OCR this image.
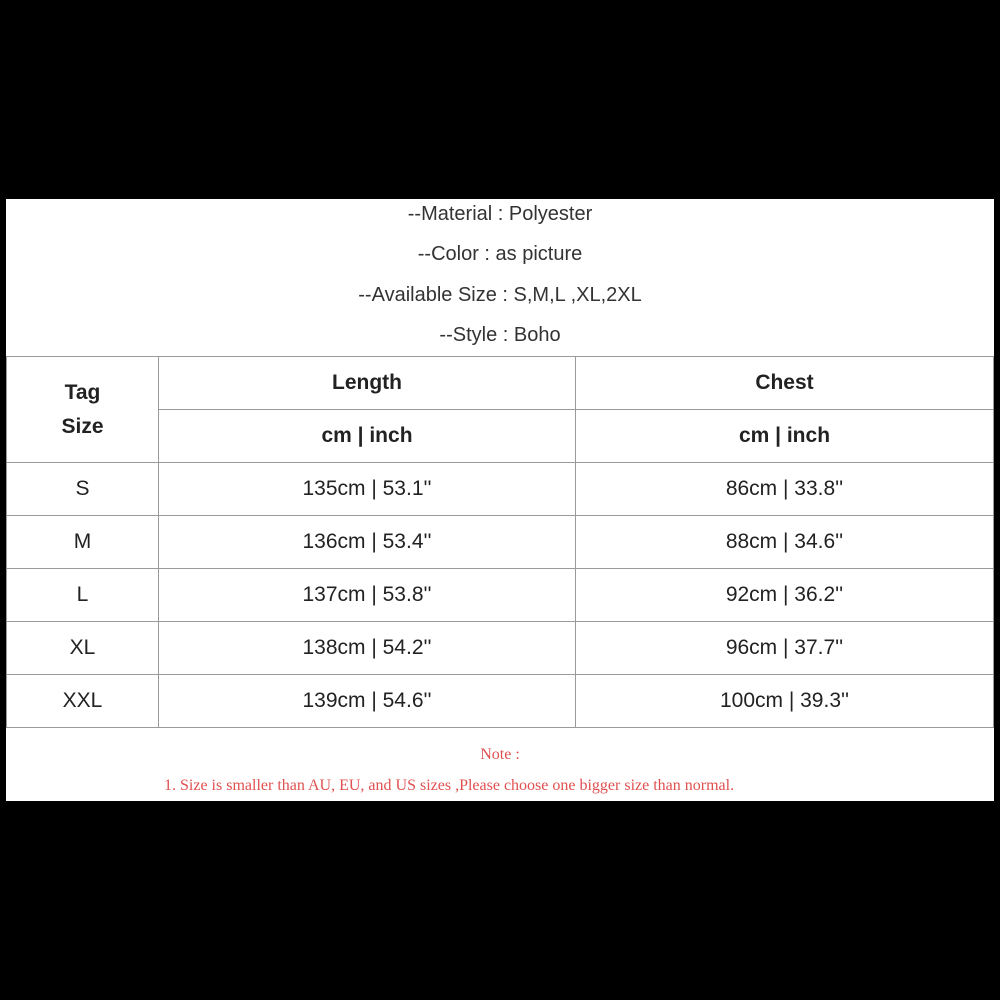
--Material : Polyester
--Color : as picture
--Available Size : S,M,L ,XL,2XL
--Style : Boho
Tag
Size	Length	Chest
	cm | inch	cm | inch
S	135cm | 53.1''	86cm | 33.8''
M	136cm | 53.4''	88cm | 34.6''
L	137cm | 53.8''	92cm | 36.2''
XL	138cm | 54.2''	96cm | 37.7''
XXL	139cm | 54.6''	100cm | 39.3''
Note :
1. Size is smaller than AU, EU, and US sizes ,Please choose one bigger size than normal.
